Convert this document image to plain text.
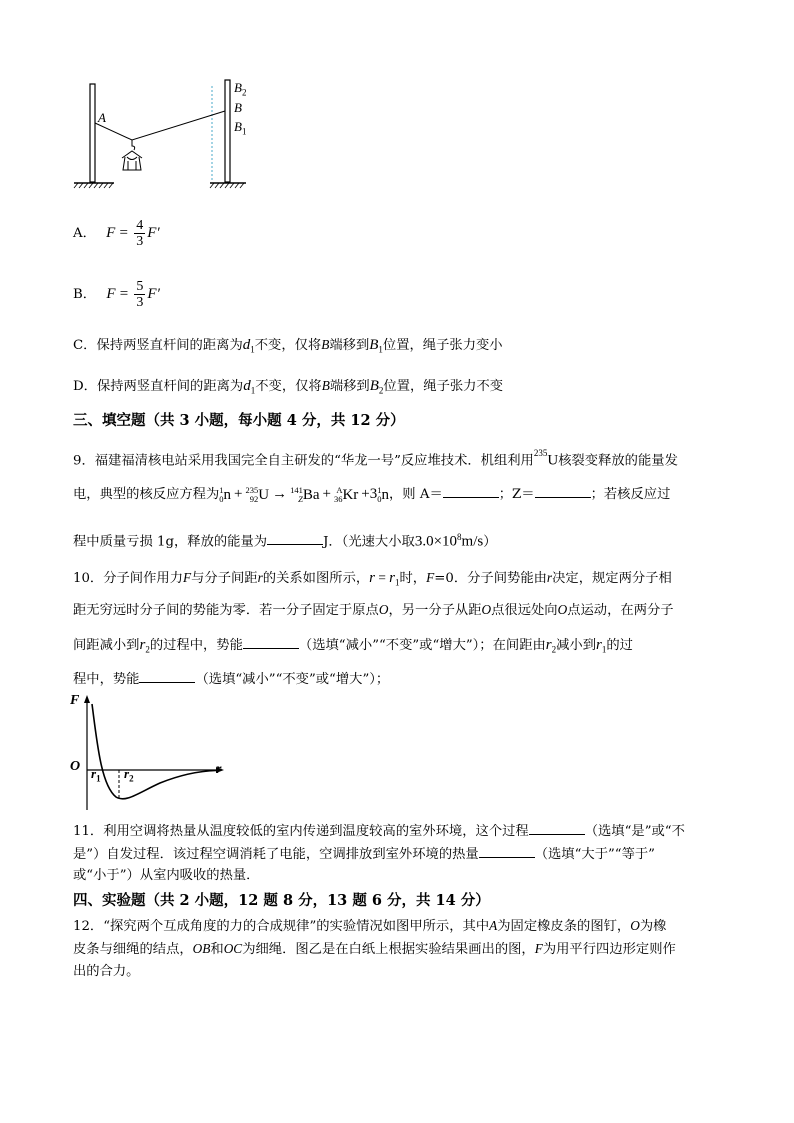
A
$B_2$
B
$B_1$
A． $F = \frac{4}{3} F'$
B． $F = \frac{5}{3} F'$
C．保持两竖直杆间的距离为$d_1$不变，仅将B端移到$B_1$位置，绳子张力变小
D．保持两竖直杆间的距离为$d_1$不变，仅将B端移到$B_2$位置，绳子张力不变
三、填空题（共 3 小题，每小题 4 分，共 12 分）
9．福建福清核电站采用我国完全自主研发的“华龙一号”反应堆技术．机组利用$^{235}$U核裂变释放的能量发
电，典型的核反应方程为 1
0 n + 235
92 U → 141
Z Ba + A
36 Kr +3 1
0 n，则 A＝	；Z＝	；若核反应过
程中质量亏损 1g，释放的能量为	J．（光速大小取$3.0\times 10^8m/s$）
10．分子间作用力F与分子间距r的关系如图所示，$r = r_1$时，F=0．分子间势能由r决定，规定两分子相
距无穷远时分子间的势能为零．若一分子固定于原点O，另一分子从距O点很远处向O点运动，在两分子
间距减小到$r_2$的过程中，势能	（选填“减小”“不变”或“增大”）；在间距由$r_2$减小到$r_1$的过
程中，势能	（选填“减小”“不变”或“增大”）；
F
r
O $r_1$ $r_2$
11．利用空调将热量从温度较低的室内传递到温度较高的室外环境，这个过程	（选填“是”或“不
是”）自发过程．该过程空调消耗了电能，空调排放到室外环境的热量	（选填“大于”“等于”
或“小于”）从室内吸收的热量．
四、实验题（共 2 小题，12 题 8 分，13 题 6 分，共 14 分）
12．“探究两个互成角度的力的合成规律”的实验情况如图甲所示，其中A为固定橡皮条的图钉，O为橡
皮条与细绳的结点，OB和OC为细绳．图乙是在白纸上根据实验结果画出的图，F为用平行四边形定则作
出的合力。
